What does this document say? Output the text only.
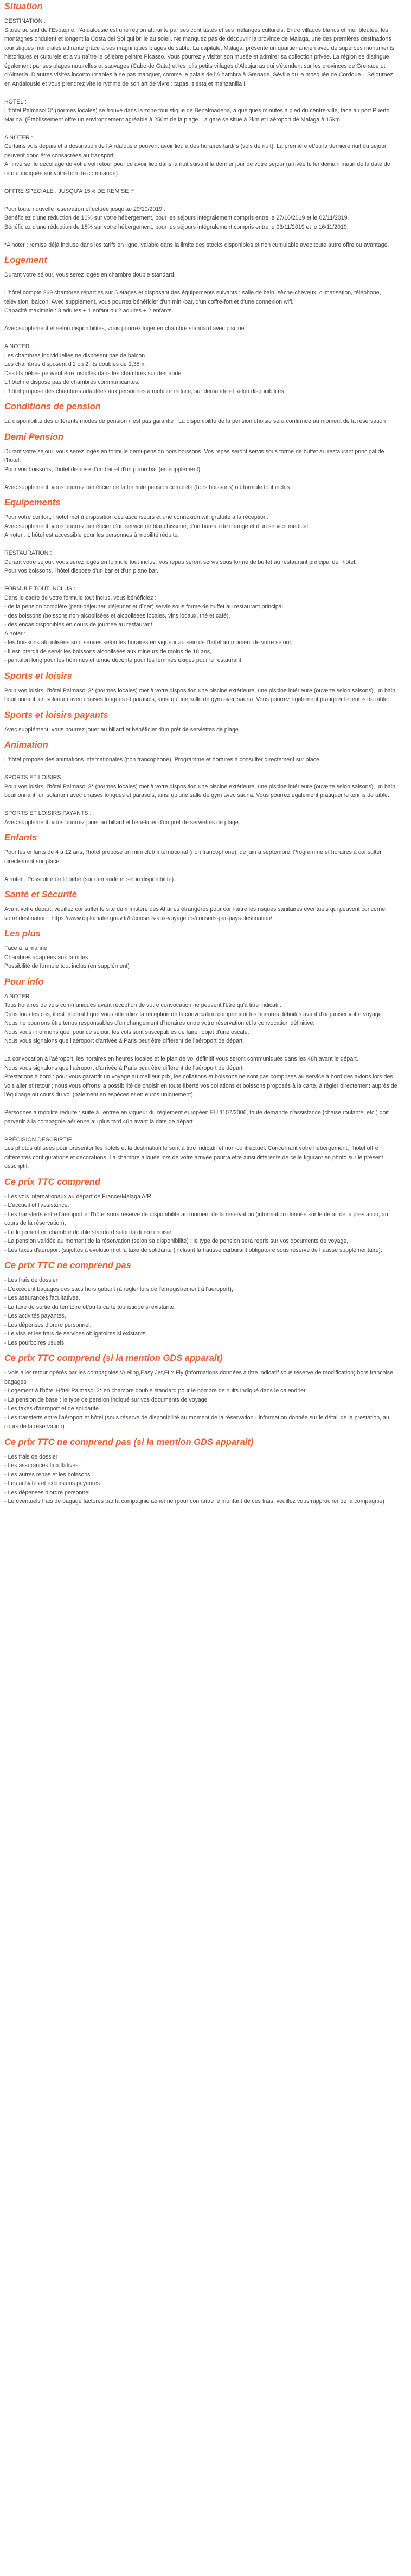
Situation
DESTINATION :
Située au sud de l'Espagne, l'Andalousie est une région attirante par ses contrastes et ses mélanges culturels. Entre villages blancs et mer bleutée, les montagnes ondulent et longent la Costa del Sol qui brille au soleil. Ne manquez pas de découvrir la province de Malaga, une des premières destinations touristiques mondiales attirante grâce à ses magnifiques plages de sable. La capitale, Malaga, présente un quartier ancien avec de superbes monuments historiques et culturels et a vu naître le célèbre peintre Picasso. Vous pourrez y visiter son musée et admirer sa collection privée. La région se distingue également par ses plages naturelles et sauvages (Cabo de Gata) et les jolis petits villages d'Alpujarras qui s'étendent sur les provinces de Grenade et d'Almeria. D'autres visites incontournables à ne pas manquer, comme le palais de l'Alhambra à Grenade, Séville ou la mosquée de Cordoue... Séjournez en Andalousie et vous prendrez vite le rythme de son art de vivre : tapas, siesta et manzanilla !
HOTEL :
L'hôtel Palmasol 3* (normes locales) se trouve dans la zone touristique de Benalmadena, à quelques minutes à pied du centre-ville, face au port Puerto Marina. (Établissement offre un environnement agréable à 250m de la plage. La gare se situe à 2km et l'aéroport de Malaga à 15km.
A NOTER :
Certains vols depuis et à destination de l'Andalousie peuvent avoir lieu à des horaires tardifs (vols de nuit). La première et/ou la dernière nuit du séjour peuvent donc être consacrées au transport.
A l'inverse, le décollage de votre vol retour pour ce avoir lieu dans la nuit suivant la dernier jour de votre séjour (arrivée le lendemain matin de la date de retour indiquée sur votre bon de commande).
OFFRE SPECIALE : JUSQU'A 15% DE REMISE !*
Pour toute nouvelle réservation effectuée jusqu'au 29/10/2019 :
Bénéficiez d'une réduction de 10% sur votre hébergement, pour les séjours intégralement compris entre le 27/10/2019 et le 02/11/2019.
Bénéficiez d'une réduction de 15% sur votre hébergement, pour les séjours intégralement compris entre le 03/11/2019 et le 16/11/2019.
*A noter : remise déjà incluse dans les tarifs en ligne, valable dans la limite des stocks disponibles et non cumulable avec toute autre offre ou avantage.
Logement
Durant votre séjour, vous serez logés en chambre double standard.
L'hôtel compte 269 chambres réparties sur 5 étages et disposant des équipements suivants : salle de bain, sèche-cheveux, climatisation, téléphone, télévision, balcon. Avec supplément, vous pourrez bénéficier d'un mini-bar, d'un coffre-fort et d'une connexion wifi.
Capacité maximale : 3 adultes + 1 enfant ou 2 adultes + 2 enfants.
Avec supplément et selon disponibilités, vous pourrez loger en chambre standard avec piscine.
A NOTER :
Les chambres individuelles ne disposent pas de balcon.
Les chambres disposent d'1 ou 2 lits doubles de 1,35m.
Des lits bébés peuvent être installés dans les chambres sur demande.
L'hôtel ne dispose pas de chambres communicantes.
L'hôtel propose des chambres adaptées aux personnes à mobilité réduite, sur demande et selon disponibilités.
Conditions de pension
La disponibilité des différents modes de pension n'est pas garantie . La disponibilité de la pension choisie sera confirmée au moment de la réservation
Demi Pension
Durant votre séjour, vous serez logés en formule demi-pension hors boissons. Vos repas seront servis sous forme de buffet au restaurant principal de l'hôtel.
Pour vos boissons, l'hôtel dispose d'un bar et d'un piano bar (en supplément).
Avec supplément, vous pourrez bénéficier de la formule pension complète (hors boissons) ou formule tout inclus.
Equipements
Pour votre confort, l'hôtel met à disposition des ascenseurs et une connexion wifi gratuite à la réception.
Avec supplément, vous pourrez bénéficier d'un service de blanchisserie, d'un bureau de change et d'un service médical.
A noter : L'hôtel est accessible pour les personnes à mobilité réduite.
RESTAURATION :
Durant votre séjour, vous serez logés en formule tout inclus. Vos repas seront servis sous forme de buffet au restaurant principal de l'hôtel.
Pour vos boissons, l'hôtel dispose d'un bar et d'un piano bar.
FORMULE TOUT INCLUS :
Dans le cadre de votre formule tout inclus, vous bénéficiez :
- de la pension complète (petit-déjeuner, déjeuner et dîner) servie sous forme de buffet au restaurant principal,
- des boissons (boissons non-alcoolisées et alcoolisées locales, vins locaux, thé et café),
- des encas disponibles en cours de journée au restaurant.
A noter :
- les boissons alcoolisées sont servies selon les horaires en vigueur au sein de l'hôtel au moment de votre séjour,
- il est interdit de servir les boissons alcoolisées aux mineurs de moins de 18 ans,
- pantalon long pour les hommes et tenue décente pour les femmes exigés pour le restaurant.
Sports et loisirs
Pour vos loisirs, l'hôtel Palmasol 3* (normes locales) met à votre disposition une piscine extérieure, une piscine intérieure (ouverte selon saisons), un bain bouillonnant, un solarium avec chaises longues et parasols, ainsi qu'une salle de gym avec sauna. Vous pourrez également pratiquer le tennis de table.
Sports et loisirs payants
Avec supplément, vous pourrez jouer au billard et bénéficier d'un prêt de serviettes de plage.
Animation
L'hôtel propose des animations internationales (non francophone). Programme et horaires à consulter directement sur place.
SPORTS ET LOISIRS :
Pour vos loisirs, l'hôtel Palmasol 3* (normes locales) met à votre disposition une piscine extérieure, une piscine intérieure (ouverte selon saisons), un bain bouillonnant, un solarium avec chaises longues et parasols, ainsi qu'une salle de gym avec sauna. Vous pourrez également pratiquer le tennis de table.
SPORTS ET LOISIRS PAYANTS :
Avec supplément, vous pourrez jouer au billard et bénéficier d'un prêt de serviettes de plage.
Enfants
Pour les enfants de 4 à 12 ans, l'hôtel propose un mini club international (non francophone), de juin à septembre. Programme et horaires à consulter directement sur place.
A noter : Possibilité de lit bébé (sur demande et selon disponibilité).
Santé et Sécurité
Avant votre départ, veuillez consulter le site du ministère des Affaires étrangères pour connaître les risques sanitaires éventuels qui peuvent concerner votre destination : https://www.diplomatie.gouv.fr/fr/conseils-aux-voyageurs/conseils-par-pays-destination/
Les plus
Face à la marine
Chambres adaptées aux familles
Possibilité de formule tout inclus (en supplément)
Pour info
A NOTER :
Tous horaires de vols communiqués avant réception de votre convocation ne peuvent l'être qu'à titre indicatif.
Dans tous les cas, il est impératif que vous attendiez la réception de la convocation comprenant les horaires définitifs avant d'organiser votre voyage.
Nous ne pourrons être tenus responsables d'un changement d'horaires entre votre réservation et la convocation définitive.
Nous vous informons que, pour ce séjour, les vols sont susceptibles de faire l'objet d'une escale.
Nous vous signalons que l'aéroport d'arrivée à Paris peut être différent de l'aéroport de départ.
La convocation à l'aéroport, les horaires en heures locales et le plan de vol définitif vous seront communiqués dans les 48h avant le départ.
Nous vous signalons que l'aéroport d'arrivée à Paris peut être différent de l'aéroport de départ.
Prestations à bord : pour vous garantir un voyage au meilleur prix, les collations et boissons ne sont pas comprises au service à bord des avions lors des vols aller et retour ; nous vous offrons la possibilité de choisir en toute liberté vos collations et boissons proposés à la carte, à régler directement auprès de l'équipage ou cours du vol (paiement en espèces et en euros uniquement).
Personnes à mobilité réduite : suite à l'entrée en vigueur du règlement européen EU 1107/2006, toute demande d'assistance (chaise roulante, etc.) doit parvenir à la compagnie aérienne au plus tard 48h avant la date de départ.
PRÉCISION DESCRIPTIF
Les photos utilisées pour présenter les hôtels et la destination le sont à titre indicatif et non-contractuel. Concernant votre hébergement, l'hôtel offre différentes configurations et décorations. La chambre allouée lors de votre arrivée pourra être ainsi différente de celle figurant en photo sur le présent descriptif.
Ce prix TTC comprend
- Les vols internationaux au départ de France/Malaga A/R,
- L'accueil et l'assistance,
- Les transferts entre l'aéroport et l'hôtel sous réserve de disponibilité au moment de la réservation (information donnée sur le détail de la prestation, au cours de la réservation),
- Le logement en chambre double standard selon la durée choisie,
- La pension validée au moment de la réservation (selon sa disponibilité) : le type de pension sera repris sur vos documents de voyage,
- Les taxes d'aéroport (sujettes à évolution) et la taxe de solidarité (incluant la hausse carburant obligatoire sous réserve de hausse supplémentaire).
Ce prix TTC ne comprend pas
- Les frais de dossier
- L'excédent bagages des sacs hors gabarit (à régler lors de l'enregistrement à l'aéroport),
- Les assurances facultatives,
- La taxe de sortie du territoire et/ou la carte touristique si existante,
- Les activités payantes,
- Les dépenses d'ordre personnel,
- Le visa et les frais de services obligatoires si existants,
- Les pourboires usuels.
Ce prix TTC comprend (si la mention GDS apparait)
- Vols aller retour opérés par les compagnies Vueling,Easy Jet,FLY Fly (informations données à titre indicatif sous réserve de modification) hors franchise bagages
- Logement à l'hôtel Hôtel Palmasol 3* en chambre double standard pour le nombre de nuits indiqué dans le calendrier
- La pension de base : le type de pension indiqué sur vos documents de voyage
- Les taxes d'aéroport et de solidarité
- Les transferts entre l'aéroport et hôtel (sous réserve de disponibilité au moment de la réservation - information donnée sur le détail de la prestation, au cours de la réservation)
Ce prix TTC ne comprend pas (si la mention GDS apparait)
- Les frais de dossier
- Les assurances facultatives
- Les autres repas et les boissons
- Les activités et excursions payantes
- Les dépenses d'ordre personnel
- Le éventuels frais de bagage facturés par la compagnie aérienne (pour connaître le montant de ces frais, veuillez vous rapprocher de la compagnie)
